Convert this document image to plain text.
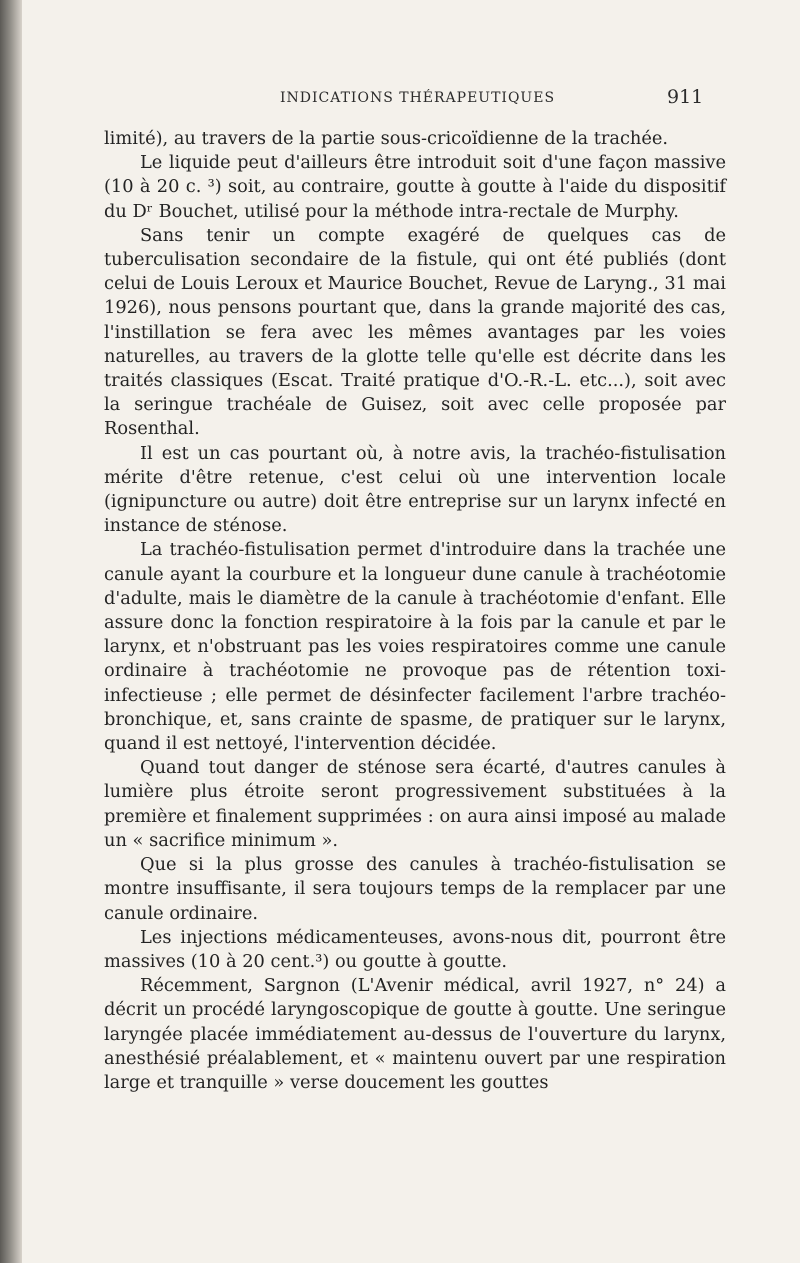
INDICATIONS THÉRAPEUTIQUES	911

limité), au travers de la partie sous-cricoïdienne de la trachée.

Le liquide peut d'ailleurs être introduit soit d'une façon massive (10 à 20 c. ³) soit, au contraire, goutte à goutte à l'aide du dispositif du Dʳ Bouchet, utilisé pour la méthode intra-rectale de Murphy.

Sans tenir un compte exagéré de quelques cas de tuberculisation secondaire de la fistule, qui ont été publiés (dont celui de Louis Leroux et Maurice Bouchet, Revue de Laryng., 31 mai 1926), nous pensons pourtant que, dans la grande majorité des cas, l'instillation se fera avec les mêmes avantages par les voies naturelles, au travers de la glotte telle qu'elle est décrite dans les traités classiques (Escat. Traité pratique d'O.-R.-L. etc...), soit avec la seringue trachéale de Guisez, soit avec celle proposée par Rosenthal.

Il est un cas pourtant où, à notre avis, la trachéo-fistulisation mérite d'être retenue, c'est celui où une intervention locale (ignipuncture ou autre) doit être entreprise sur un larynx infecté en instance de sténose.

La trachéo-fistulisation permet d'introduire dans la trachée une canule ayant la courbure et la longueur dune canule à trachéotomie d'adulte, mais le diamètre de la canule à trachéotomie d'enfant. Elle assure donc la fonction respiratoire à la fois par la canule et par le larynx, et n'obstruant pas les voies respiratoires comme une canule ordinaire à trachéotomie ne provoque pas de rétention toxi-infectieuse ; elle permet de désinfecter facilement l'arbre trachéo-bronchique, et, sans crainte de spasme, de pratiquer sur le larynx, quand il est nettoyé, l'intervention décidée.

Quand tout danger de sténose sera écarté, d'autres canules à lumière plus étroite seront progressivement substituées à la première et finalement supprimées : on aura ainsi imposé au malade un « sacrifice minimum ».

Que si la plus grosse des canules à trachéo-fistulisation se montre insuffisante, il sera toujours temps de la remplacer par une canule ordinaire.

Les injections médicamenteuses, avons-nous dit, pourront être massives (10 à 20 cent.³) ou goutte à goutte.

Récemment, Sargnon (L'Avenir médical, avril 1927, n° 24) a décrit un procédé laryngoscopique de goutte à goutte. Une seringue laryngée placée immédiatement au-dessus de l'ouverture du larynx, anesthésié préalablement, et « maintenu ouvert par une respiration large et tranquille » verse doucement les gouttes
